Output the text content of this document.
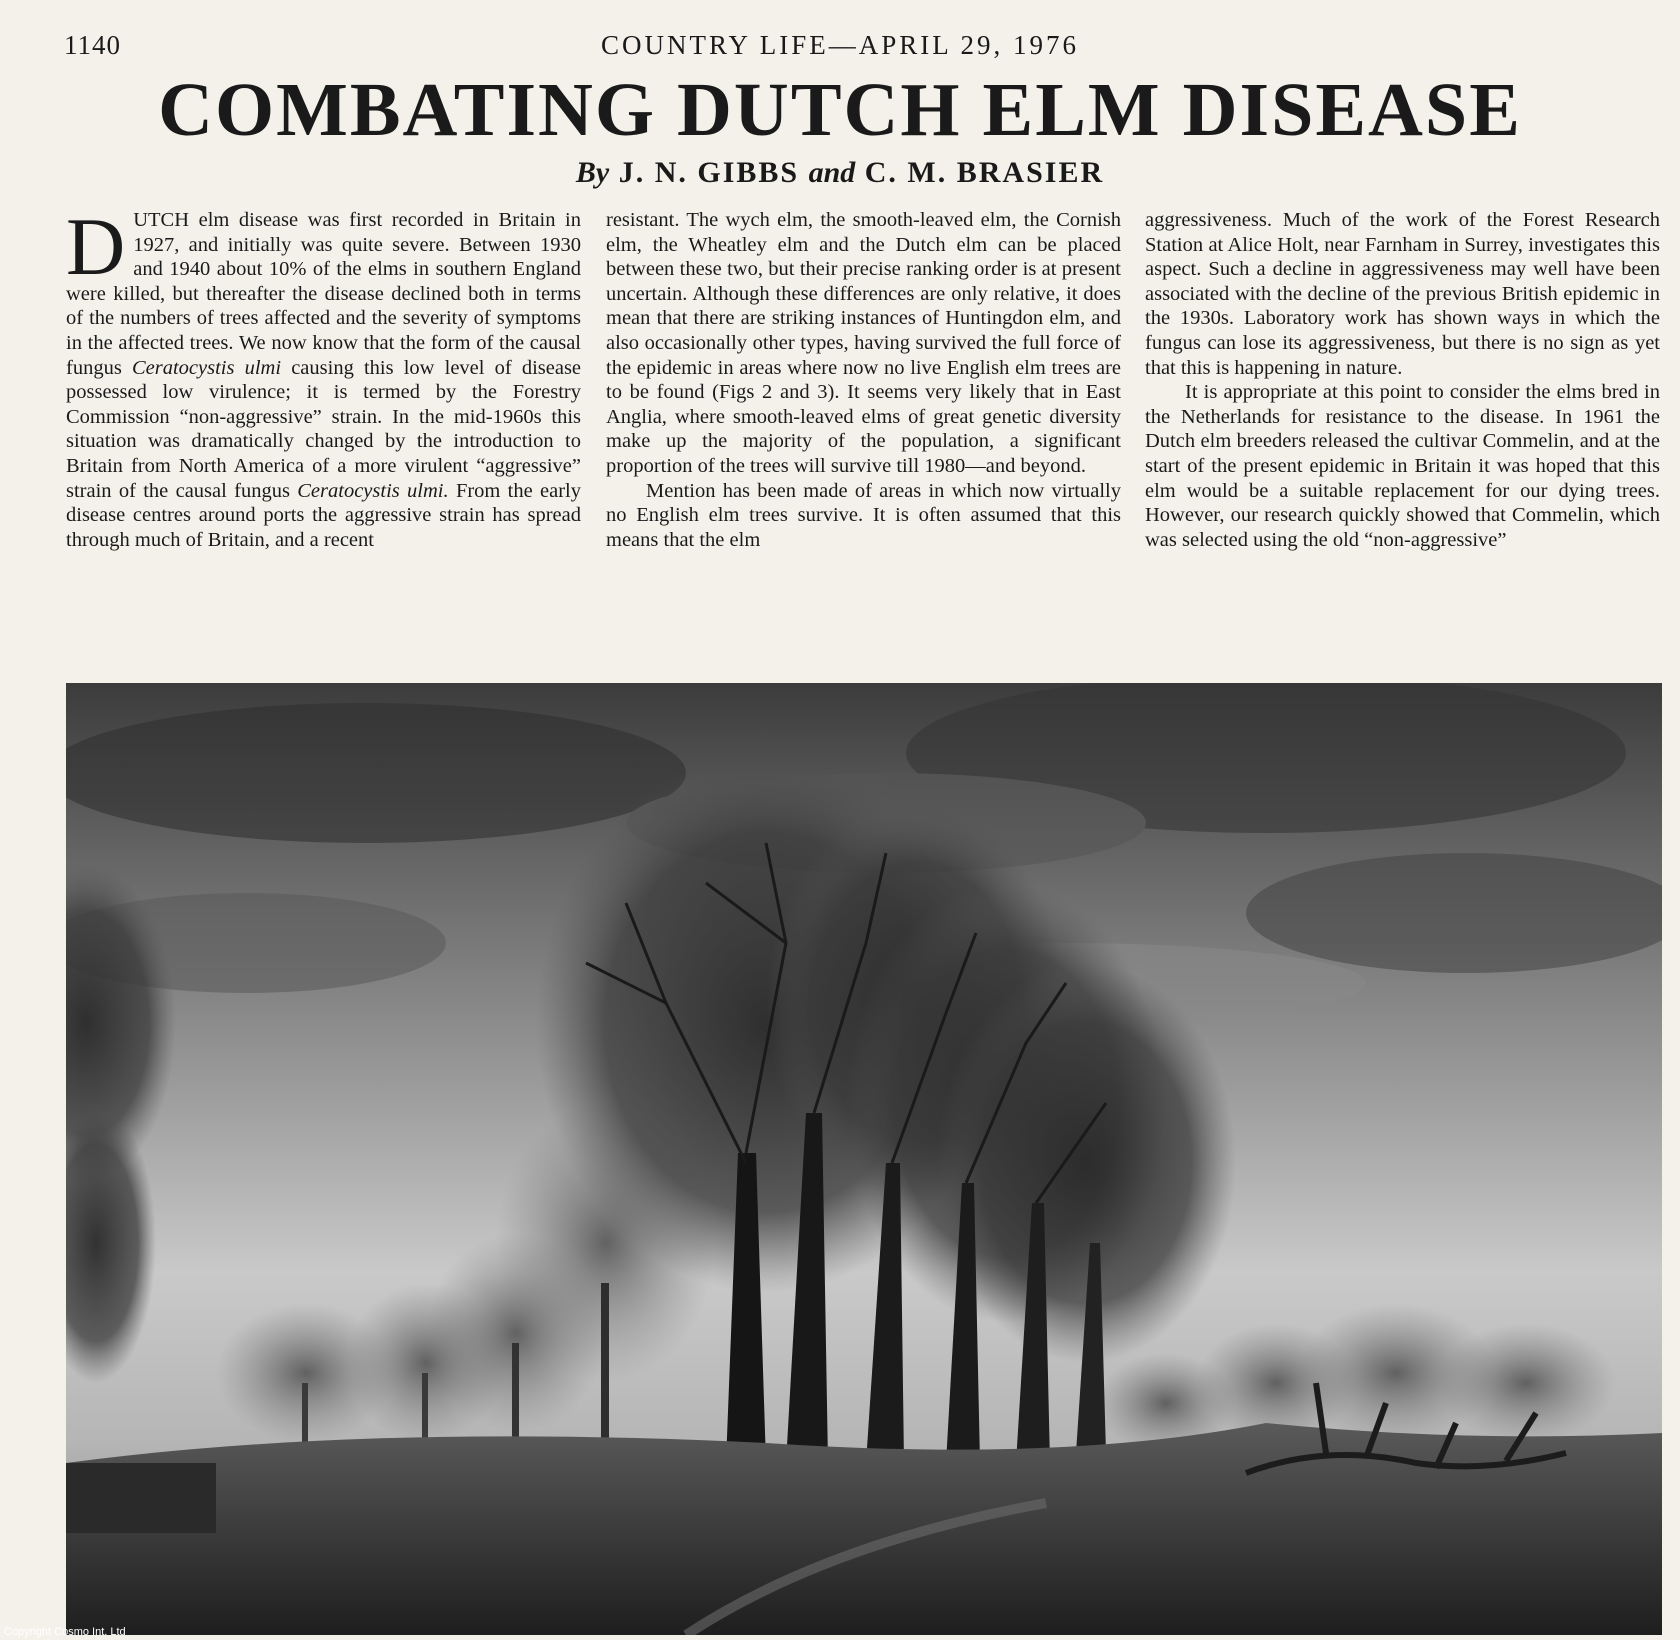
1140	COUNTRY LIFE—APRIL 29, 1976
COMBATING DUTCH ELM DISEASE
By J. N. GIBBS and C. M. BRASIER

DUTCH elm disease was first recorded in Britain in 1927, and initially was quite severe. Between 1930 and 1940 about 10% of the elms in southern England were killed, but thereafter the disease declined both in terms of the numbers of trees affected and the severity of symptoms in the affected trees. We now know that the form of the causal fungus Ceratocystis ulmi causing this low level of disease possessed low virulence; it is termed by the Forestry Commission “non-aggressive” strain. In the mid-1960s this situation was dramatically changed by the introduction to Britain from North America of a more virulent “aggressive” strain of the causal fungus Ceratocystis ulmi. From the early disease centres around ports the aggressive strain has spread through much of Britain, and a recent

resistant. The wych elm, the smooth-leaved elm, the Cornish elm, the Wheatley elm and the Dutch elm can be placed between these two, but their precise ranking order is at present uncertain. Although these differences are only relative, it does mean that there are striking instances of Huntingdon elm, and also occasionally other types, having survived the full force of the epidemic in areas where now no live English elm trees are to be found (Figs 2 and 3). It seems very likely that in East Anglia, where smooth-leaved elms of great genetic diversity make up the majority of the population, a significant proportion of the trees will survive till 1980—and beyond.

Mention has been made of areas in which now virtually no English elm trees survive. It is often assumed that this means that the elm

aggressiveness. Much of the work of the Forest Research Station at Alice Holt, near Farnham in Surrey, investigates this aspect. Such a decline in aggressiveness may well have been associated with the decline of the previous British epidemic in the 1930s. Laboratory work has shown ways in which the fungus can lose its aggressiveness, but there is no sign as yet that this is happening in nature.

It is appropriate at this point to consider the elms bred in the Netherlands for resistance to the disease. In 1961 the Dutch elm breeders released the cultivar Commelin, and at the start of the present epidemic in Britain it was hoped that this elm would be a suitable replacement for our dying trees. However, our research quickly showed that Commelin, which was selected using the old “non-aggressive”

Copyright Cosmo Int. Ltd
